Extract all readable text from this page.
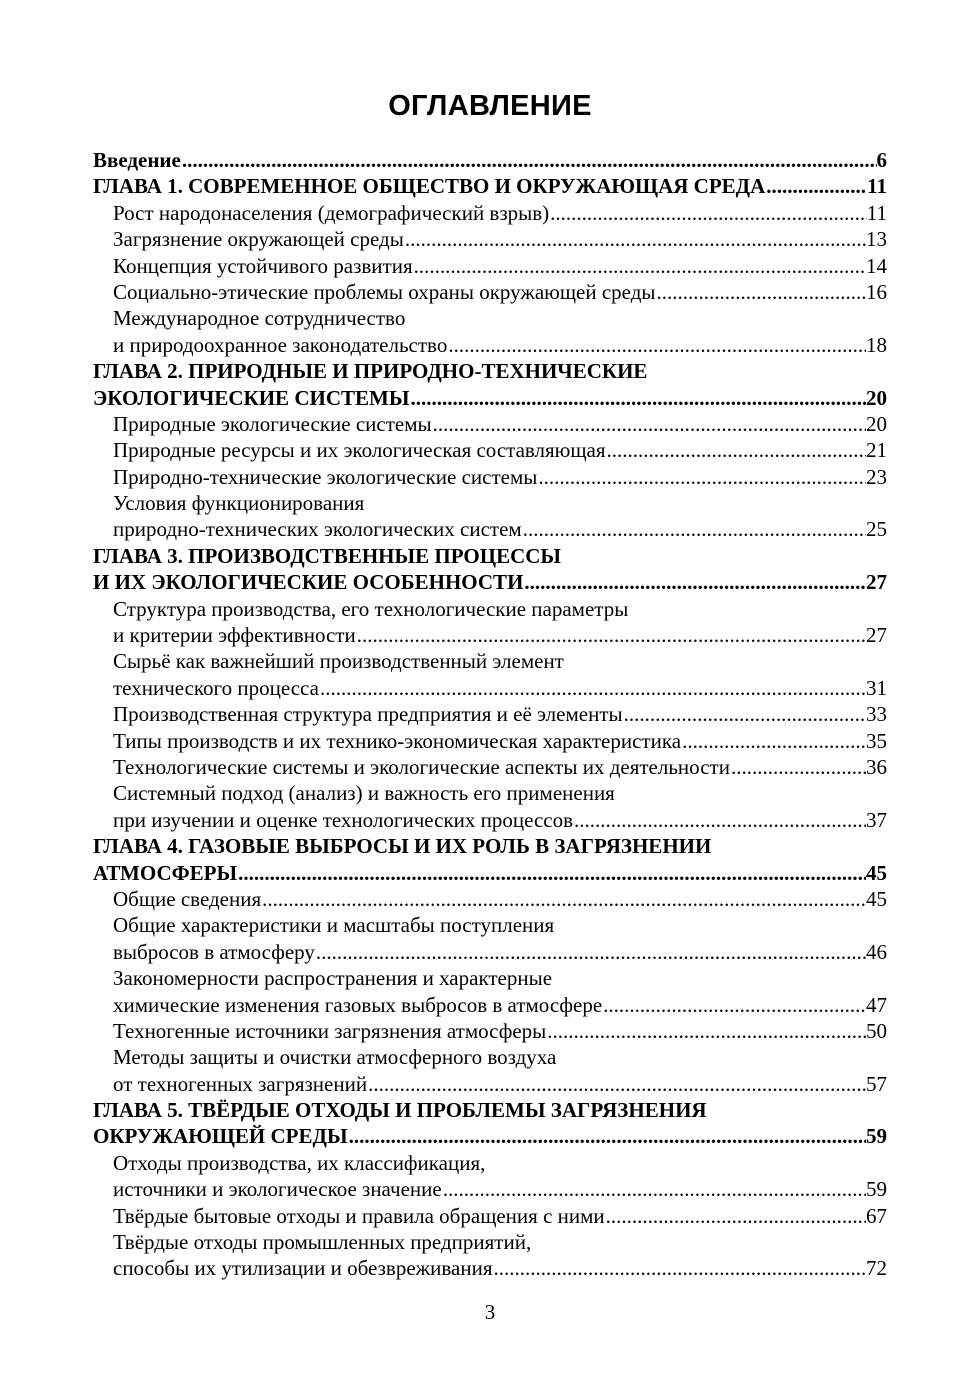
ОГЛАВЛЕНИЕ
Введение .....	6
ГЛАВА 1. СОВРЕМЕННОЕ ОБЩЕСТВО И ОКРУЖАЮЩАЯ СРЕДА .....	11
Рост народонаселения (демографический взрыв) .....	11
Загрязнение окружающей среды .....	13
Концепция устойчивого развития .....	14
Социально-этические проблемы охраны окружающей среды .....	16
Международное сотрудничество
и природоохранное законодательство .....	18
ГЛАВА 2. ПРИРОДНЫЕ И ПРИРОДНО-ТЕХНИЧЕСКИЕ
ЭКОЛОГИЧЕСКИЕ СИСТЕМЫ .....	20
Природные экологические системы .....	20
Природные ресурсы и их экологическая составляющая .....	21
Природно-технические экологические системы .....	23
Условия функционирования
природно-технических экологических систем .....	25
ГЛАВА 3. ПРОИЗВОДСТВЕННЫЕ ПРОЦЕССЫ
И ИХ ЭКОЛОГИЧЕСКИЕ ОСОБЕННОСТИ .....	27
Структура производства, его технологические параметры
и критерии эффективности .....	27
Сырьё как важнейший производственный элемент
технического процесса .....	31
Производственная структура предприятия и её элементы .....	33
Типы производств и их технико-экономическая характеристика .....	35
Технологические системы и экологические аспекты их деятельности .....	36
Системный подход (анализ) и важность его применения
при изучении и оценке технологических процессов .....	37
ГЛАВА 4. ГАЗОВЫЕ ВЫБРОСЫ И ИХ РОЛЬ В ЗАГРЯЗНЕНИИ
АТМОСФЕРЫ .....	45
Общие сведения .....	45
Общие характеристики и масштабы поступления
выбросов в атмосферу .....	46
Закономерности распространения и характерные
химические изменения газовых выбросов в атмосфере .....	47
Техногенные источники загрязнения атмосферы .....	50
Методы защиты и очистки атмосферного воздуха
от техногенных загрязнений .....	57
ГЛАВА 5. ТВЁРДЫЕ ОТХОДЫ И ПРОБЛЕМЫ ЗАГРЯЗНЕНИЯ
ОКРУЖАЮЩЕЙ СРЕДЫ .....	59
Отходы производства, их классификация,
источники и экологическое значение .....	59
Твёрдые бытовые отходы и правила обращения с ними .....	67
Твёрдые отходы промышленных предприятий,
способы их утилизации и обезвреживания .....	72
3
